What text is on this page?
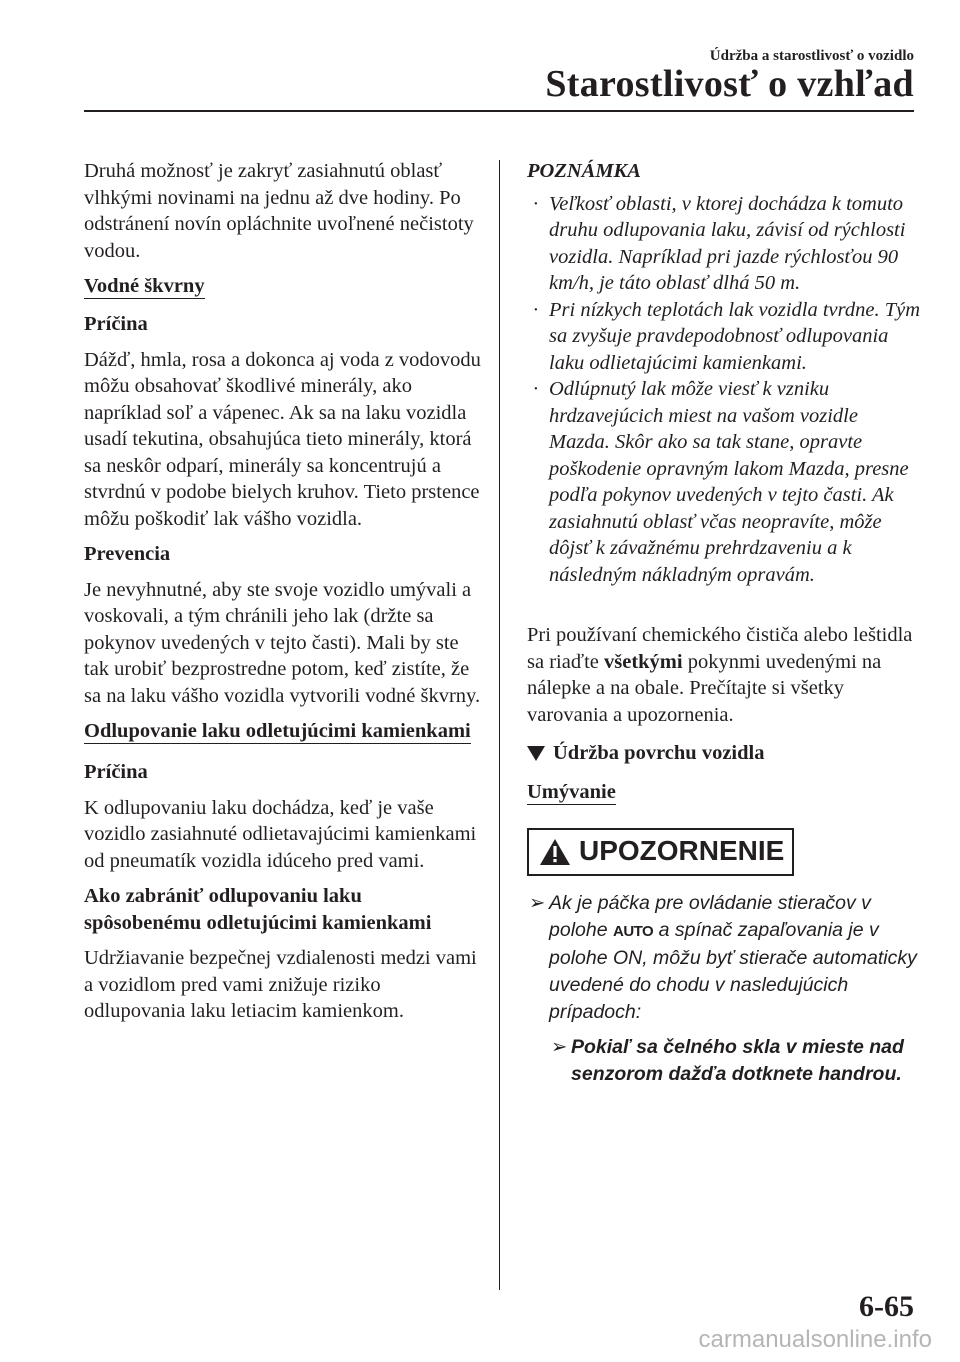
Údržba a starostlivosť o vozidlo
Starostlivosť o vzhľad

Druhá možnosť je zakryť zasiahnutú oblasť vlhkými novinami na jednu až dve hodiny. Po odstránení novín opláchnite uvoľnené nečistoty vodou.

Vodné škvrny

Príčina

Dážď, hmla, rosa a dokonca aj voda z vodovodu môžu obsahovať škodlivé minerály, ako napríklad soľ a vápenec. Ak sa na laku vozidla usadí tekutina, obsahujúca tieto minerály, ktorá sa neskôr odparí, minerály sa koncentrujú a stvrdnú v podobe bielych kruhov. Tieto prstence môžu poškodiť lak vášho vozidla.

Prevencia

Je nevyhnutné, aby ste svoje vozidlo umývali a voskovali, a tým chránili jeho lak (držte sa pokynov uvedených v tejto časti). Mali by ste tak urobiť bezprostredne potom, keď zistíte, že sa na laku vášho vozidla vytvorili vodné škvrny.

Odlupovanie laku odletujúcimi kamienkami

Príčina

K odlupovaniu laku dochádza, keď je vaše vozidlo zasiahnuté odlietavajúcimi kamienkami od pneumatík vozidla idúceho pred vami.

Ako zabrániť odlupovaniu laku spôsobenému odletujúcimi kamienkami

Udržiavanie bezpečnej vzdialenosti medzi vami a vozidlom pred vami znižuje riziko odlupovania laku letiacim kamienkom.

POZNÁMKA
· Veľkosť oblasti, v ktorej dochádza k tomuto druhu odlupovania laku, závisí od rýchlosti vozidla. Napríklad pri jazde rýchlosťou 90 km/h, je táto oblasť dlhá 50 m.
· Pri nízkych teplotách lak vozidla tvrdne. Tým sa zvyšuje pravdepodobnosť odlupovania laku odlietajúcimi kamienkami.
· Odlúpnutý lak môže viesť k vzniku hrdzavejúcich miest na vašom vozidle Mazda. Skôr ako sa tak stane, opravte poškodenie opravným lakom Mazda, presne podľa pokynov uvedených v tejto časti. Ak zasiahnutú oblasť včas neopravíte, môže dôjsť k závažnému prehrdzaveniu a k následným nákladným opravám.

Pri používaní chemického čističa alebo leštidla sa riaďte všetkými pokynmi uvedenými na nálepke a na obale. Prečítajte si všetky varovania a upozornenia.

Údržba povrchu vozidla
Umývanie
UPOZORNENIE
➢ Ak je páčka pre ovládanie stieračov v polohe AUTO a spínač zapaľovania je v polohe ON, môžu byť stierače automaticky uvedené do chodu v nasledujúcich prípadoch:
➢ Pokiaľ sa čelného skla v mieste nad senzorom dažďa dotknete handrou.
6-65
carmanualsonline.info
